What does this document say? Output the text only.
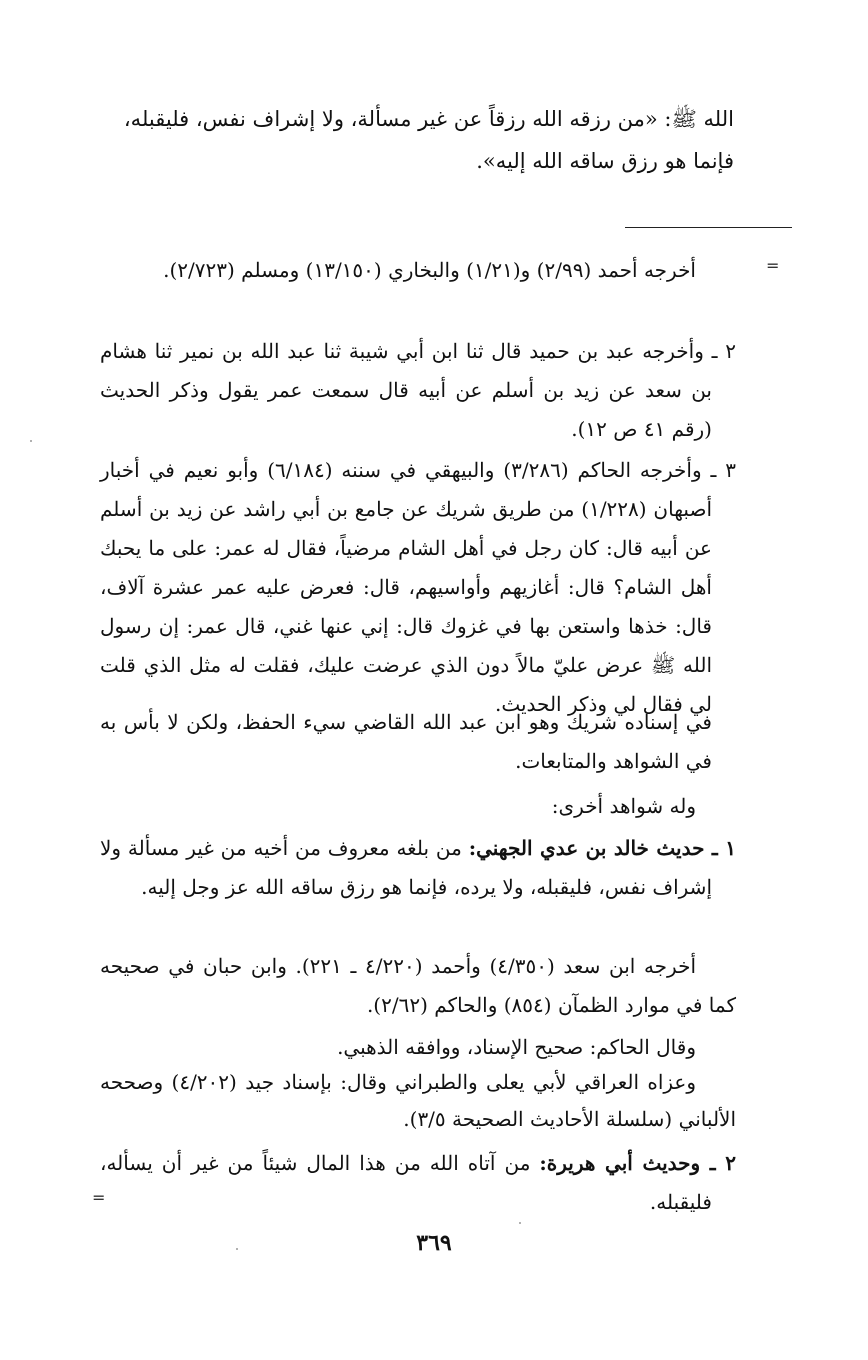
الله ﷺ: «من رزقه الله رزقاً عن غير مسألة، ولا إشراف نفس، فليقبله،

فإنما هو رزق ساقه الله إليه».

=
=

أخرجه أحمد (٢/٩٩) و(١/٢١) والبخاري (١٣/١٥٠) ومسلم (٢/٧٢٣).

٢ ـ وأخرجه عبد بن حميد قال ثنا ابن أبي شيبة ثنا عبد الله بن نمير ثنا هشام بن سعد عن زيد بن أسلم عن أبيه قال سمعت عمر يقول وذكر الحديث (رقم ٤١ ص ١٢).

٣ ـ وأخرجه الحاكم (٣/٢٨٦) والبيهقي في سننه (٦/١٨٤) وأبو نعيم في أخبار أصبهان (١/٢٢٨) من طريق شريك عن جامع بن أبي راشد عن زيد بن أسلم عن أبيه قال: كان رجل في أهل الشام مرضياً، فقال له عمر: على ما يحبك أهل الشام؟ قال: أغازيهم وأواسيهم، قال: فعرض عليه عمر عشرة آلاف، قال: خذها واستعن بها في غزوك قال: إني عنها غني، قال عمر: إن رسول الله ﷺ عرض عليّ مالاً دون الذي عرضت عليك، فقلت له مثل الذي قلت لي فقال لي وذكر الحديث.

في إسناده شريك وهو ابن عبد الله القاضي سيء الحفظ، ولكن لا بأس به في الشواهد والمتابعات.

وله شواهد أخرى:

١ ـ حديث خالد بن عدي الجهني: من بلغه معروف من أخيه من غير مسألة ولا إشراف نفس، فليقبله، ولا يرده، فإنما هو رزق ساقه الله عز وجل إليه.

أخرجه ابن سعد (٤/٣٥٠) وأحمد (٤/٢٢٠ ـ ٢٢١). وابن حبان في صحيحه كما في موارد الظمآن (٨٥٤) والحاكم (٢/٦٢).

وقال الحاكم: صحيح الإسناد، ووافقه الذهبي.

وعزاه العراقي لأبي يعلى والطبراني وقال: بإسناد جيد (٤/٢٠٢) وصححه الألباني (سلسلة الأحاديث الصحيحة ٣/٥).

٢ ـ وحديث أبي هريرة: من آتاه الله من هذا المال شيئاً من غير أن يسأله، فليقبله.

٣٦٩
